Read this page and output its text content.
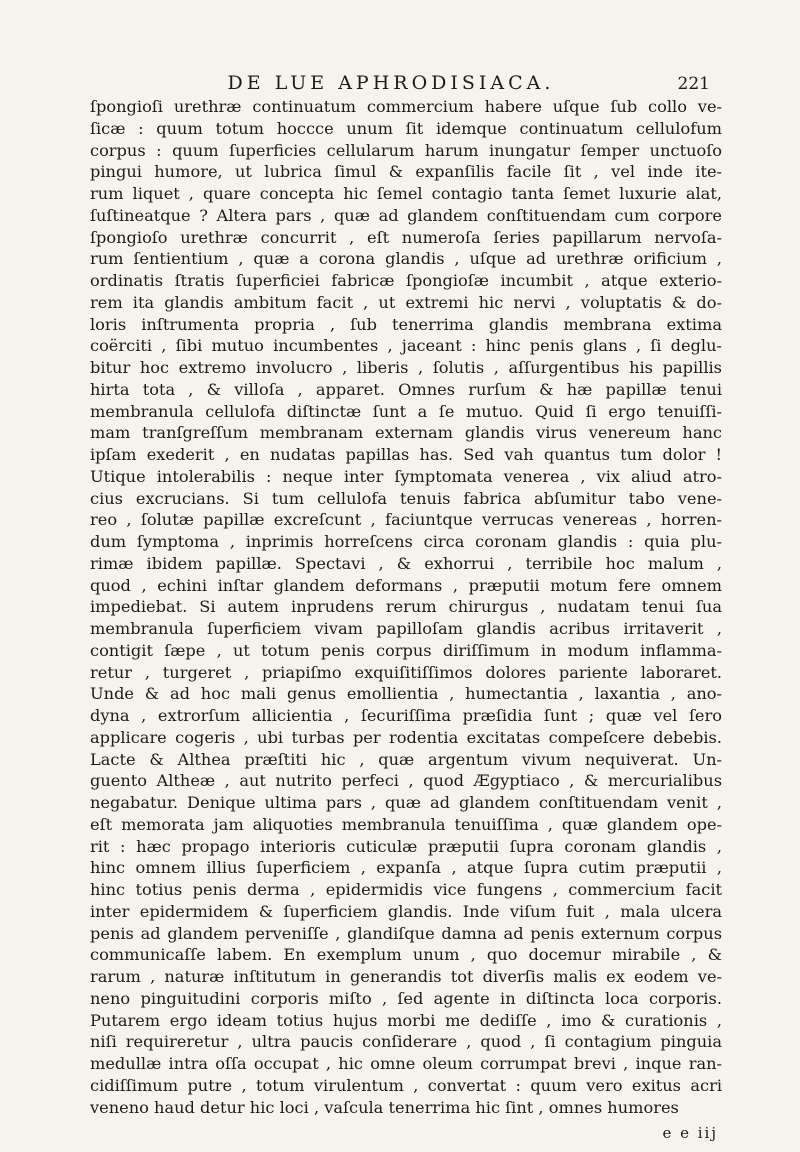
DE LUE APHRODISIACA.	221
ſpongioſi urethræ continuatum commercium habere uſque ſub collo ve-
ſicæ : quum totum hoccce unum ſit idemque continuatum cellulofum
corpus : quum ſuperficies cellularum harum inungatur ſemper unctuoſo
pingui humore, ut lubrica ſimul & expanſilis facile ſit , vel inde ite-
rum liquet , quare concepta hic ſemel contagio tanta ſemet luxurie alat,
ſuſtineatque ? Altera pars , quæ ad glandem conſtituendam cum corpore
ſpongioſo urethræ concurrit , eſt numeroſa ſeries papillarum nervoſa-
rum ſentientium , quæ a corona glandis , uſque ad urethræ orificium ,
ordinatis ſtratis ſuperficiei fabricæ ſpongioſæ incumbit , atque exterio-
rem ita glandis ambitum facit , ut extremi hic nervi , voluptatis & do-
loris inſtrumenta propria , ſub tenerrima glandis membrana extima
coërciti , ſibi mutuo incumbentes , jaceant : hinc penis glans , ſi deglu-
bitur hoc extremo involucro , liberis , ſolutis , aſſurgentibus his papillis
hirta tota , & villoſa , apparet. Omnes rurſum & hæ papillæ tenui
membranula cellulofa diſtinctæ ſunt a ſe mutuo. Quid ſi ergo tenuiſſi-
mam tranſgreſſum membranam externam glandis virus venereum hanc
ipſam exederit , en nudatas papillas has. Sed vah quantus tum dolor !
Utique intolerabilis : neque inter ſymptomata venerea , vix aliud atro-
cius excrucians. Si tum cellulofa tenuis fabrica abſumitur tabo vene-
reo , ſolutæ papillæ excreſcunt , faciuntque verrucas venereas , horren-
dum ſymptoma , inprimis horreſcens circa coronam glandis : quia plu-
rimæ ibidem papillæ. Spectavi , & exhorrui , terribile hoc malum ,
quod , echini inſtar glandem deformans , præputii motum fere omnem
impediebat. Si autem inprudens rerum chirurgus , nudatam tenui ſua
membranula ſuperficiem vivam papilloſam glandis acribus irritaverit ,
contigit ſæpe , ut totum penis corpus diriſſimum in modum inflamma-
retur , turgeret , priapiſmo exquiſitiſſimos dolores pariente laboraret.
Unde & ad hoc mali genus emollientia , humectantia , laxantia , ano-
dyna , extrorſum allicientia , ſecuriſſima præſidia ſunt ; quæ vel ſero
applicare cogeris , ubi turbas per rodentia excitatas compeſcere debebis.
Lacte & Althea præſtiti hic , quæ argentum vivum nequiverat. Un-
guento Altheæ , aut nutrito perfeci , quod Ægyptiaco , & mercurialibus
negabatur. Denique ultima pars , quæ ad glandem conſtituendam venit ,
eſt memorata jam aliquoties membranula tenuiſſima , quæ glandem ope-
rit : hæc propago interioris cuticulæ præputii ſupra coronam glandis ,
hinc omnem illius ſuperficiem , expanſa , atque ſupra cutim præputii ,
hinc totius penis derma , epidermidis vice fungens , commercium facit
inter epidermidem & ſuperficiem glandis. Inde viſum fuit , mala ulcera
penis ad glandem perveniſſe , glandiſque damna ad penis externum corpus
communicaſſe labem. En exemplum unum , quo docemur mirabile , &
rarum , naturæ inſtitutum in generandis tot diverſis malis ex eodem ve-
neno pinguitudini corporis miſto , ſed agente in diſtincta loca corporis.
Putarem ergo ideam totius hujus morbi me dediſſe , imo & curationis ,
niſi requireretur , ultra paucis conſiderare , quod , ſi contagium pinguia
medullæ intra oſſa occupat , hic omne oleum corrumpat brevi , inque ran-
cidiſſimum putre , totum virulentum , convertat : quum vero exitus acri
veneno haud detur hic loci , vaſcula tenerrima hic ſint , omnes humores
e e iij
